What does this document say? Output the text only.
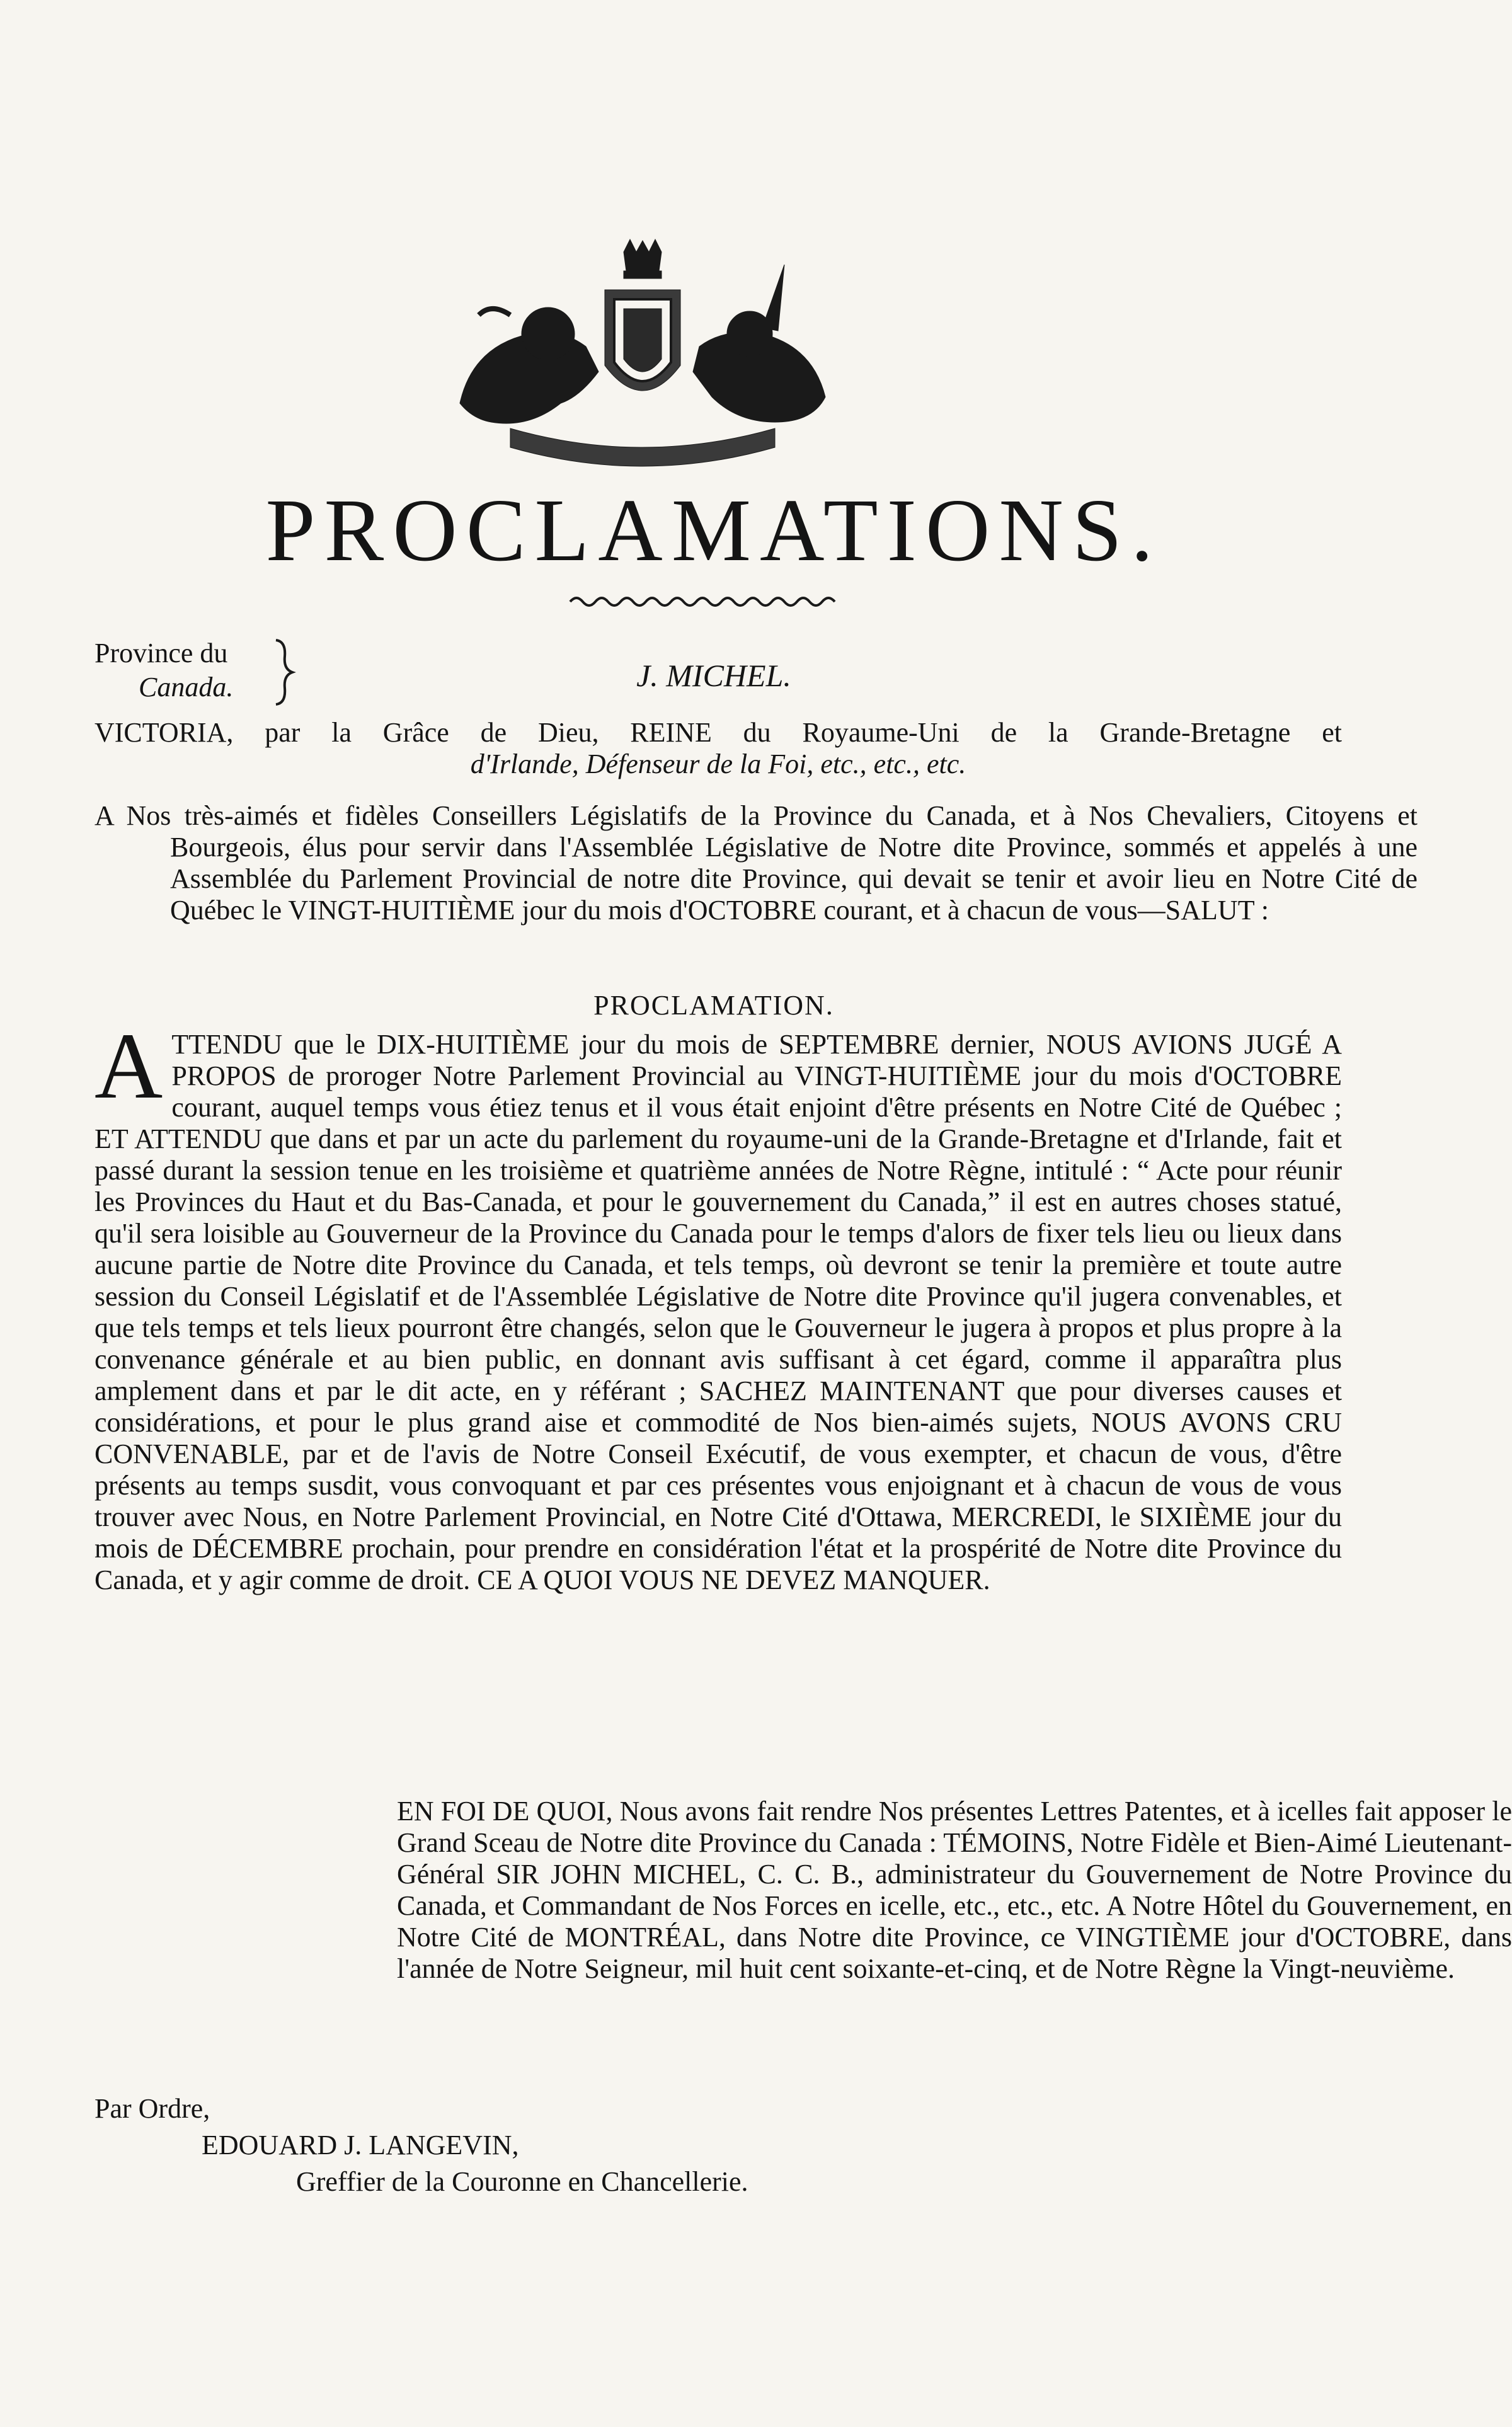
PROCLAMATIONS.
Province du
Canada.	J. MICHEL.
VICTORIA, par la Grâce de Dieu, REINE du Royaume-Uni de la Grande-Bretagne et
d'Irlande, Défenseur de la Foi, etc., etc., etc.
A Nos très-aimés et fidèles Conseillers Législatifs de la Province du Canada, et à Nos Chevaliers, Citoyens et Bourgeois, élus pour servir dans l'Assemblée Législative de Notre dite Province, sommés et appelés à une Assemblée du Parlement Provincial de notre dite Province, qui devait se tenir et avoir lieu en Notre Cité de Québec le VINGT-HUITIÈME jour du mois d'OCTOBRE courant, et à chacun de vous—SALUT :
PROCLAMATION.
A TTENDU que le DIX-HUITIÈME jour du mois de SEPTEMBRE dernier, NOUS AVIONS JUGÉ A PROPOS de proroger Notre Parlement Provincial au VINGT-HUITIÈME jour du mois d'OCTOBRE courant, auquel temps vous étiez tenus et il vous était enjoint d'être présents en Notre Cité de Québec ; ET ATTENDU que dans et par un acte du parlement du royaume-uni de la Grande-Bretagne et d'Irlande, fait et passé durant la session tenue en les troisième et quatrième années de Notre Règne, intitulé : “ Acte pour réunir les Provinces du Haut et du Bas-Canada, et pour le gouvernement du Canada,” il est en autres choses statué, qu'il sera loisible au Gouverneur de la Province du Canada pour le temps d'alors de fixer tels lieu ou lieux dans aucune partie de Notre dite Province du Canada, et tels temps, où devront se tenir la première et toute autre session du Conseil Législatif et de l'Assemblée Législative de Notre dite Province qu'il jugera convenables, et que tels temps et tels lieux pourront être changés, selon que le Gouverneur le jugera à propos et plus propre à la convenance générale et au bien public, en donnant avis suffisant à cet égard, comme il apparaîtra plus amplement dans et par le dit acte, en y référant ; SACHEZ MAINTENANT que pour diverses causes et considérations, et pour le plus grand aise et commodité de Nos bien-aimés sujets, NOUS AVONS CRU CONVENABLE, par et de l'avis de Notre Conseil Exécutif, de vous exempter, et chacun de vous, d'être présents au temps susdit, vous convoquant et par ces présentes vous enjoignant et à chacun de vous de vous trouver avec Nous, en Notre Parlement Provincial, en Notre Cité d'Ottawa, MERCREDI, le SIXIÈME jour du mois de DÉCEMBRE prochain, pour prendre en considération l'état et la prospérité de Notre dite Province du Canada, et y agir comme de droit. CE A QUOI VOUS NE DEVEZ MANQUER.
EN FOI DE QUOI, Nous avons fait rendre Nos présentes Lettres Patentes, et à icelles fait apposer le Grand Sceau de Notre dite Province du Canada : TÉMOINS, Notre Fidèle et Bien-Aimé Lieutenant-Général SIR JOHN MICHEL, C. C. B., administrateur du Gouvernement de Notre Province du Canada, et Commandant de Nos Forces en icelle, etc., etc., etc. A Notre Hôtel du Gouvernement, en Notre Cité de MONTRÉAL, dans Notre dite Province, ce VINGTIÈME jour d'OCTOBRE, dans l'année de Notre Seigneur, mil huit cent soixante-et-cinq, et de Notre Règne la Vingt-neuvième.
Par Ordre,
EDOUARD J. LANGEVIN,
Greffier de la Couronne en Chancellerie.
